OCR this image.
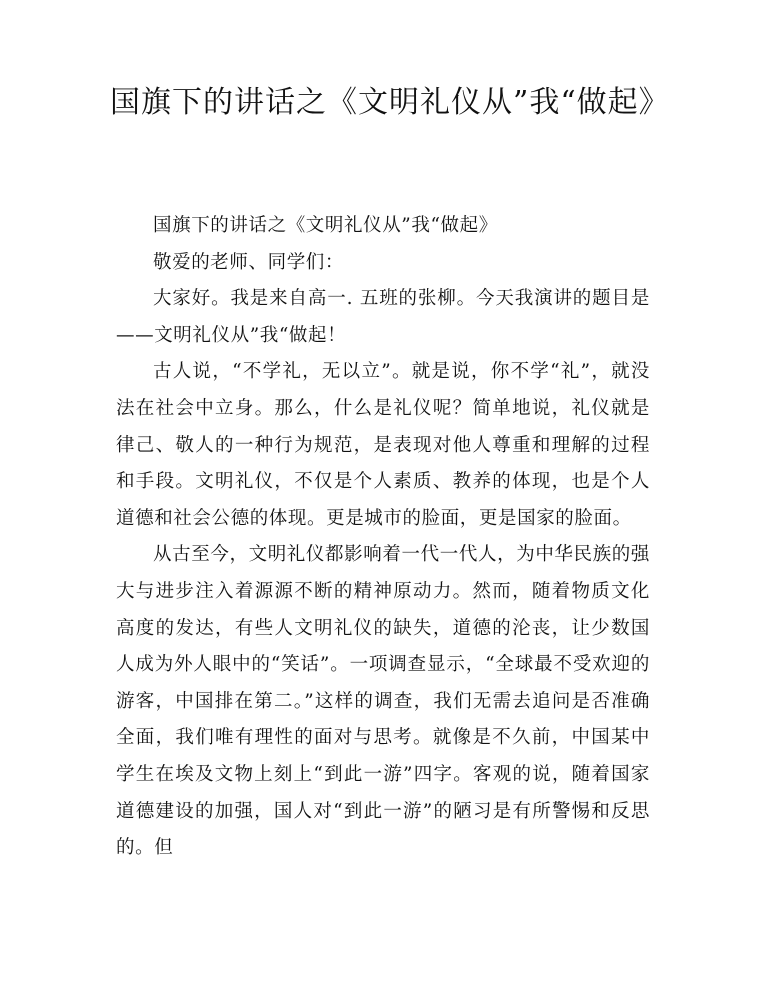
国旗下的讲话之《文明礼仪从”我“做起》

国旗下的讲话之《文明礼仪从”我“做起》

敬爱的老师、同学们：

大家好。我是来自高一. 五班的张柳。今天我演讲的题目是——文明礼仪从”我“做起！

古人说，“不学礼，无以立”。就是说，你不学“礼”，就没法在社会中立身。那么，什么是礼仪呢？简单地说，礼仪就是律己、敬人的一种行为规范，是表现对他人尊重和理解的过程和手段。文明礼仪，不仅是个人素质、教养的体现，也是个人道德和社会公德的体现。更是城市的脸面，更是国家的脸面。

从古至今，文明礼仪都影响着一代一代人，为中华民族的强大与进步注入着源源不断的精神原动力。然而，随着物质文化高度的发达，有些人文明礼仪的缺失，道德的沦丧，让少数国人成为外人眼中的“笑话”。一项调查显示，“全球最不受欢迎的游客，中国排在第二。”这样的调查，我们无需去追问是否准确全面，我们唯有理性的面对与思考。就像是不久前，中国某中学生在埃及文物上刻上“到此一游”四字。客观的说，随着国家道德建设的加强，国人对“到此一游”的陋习是有所警惕和反思的。但
